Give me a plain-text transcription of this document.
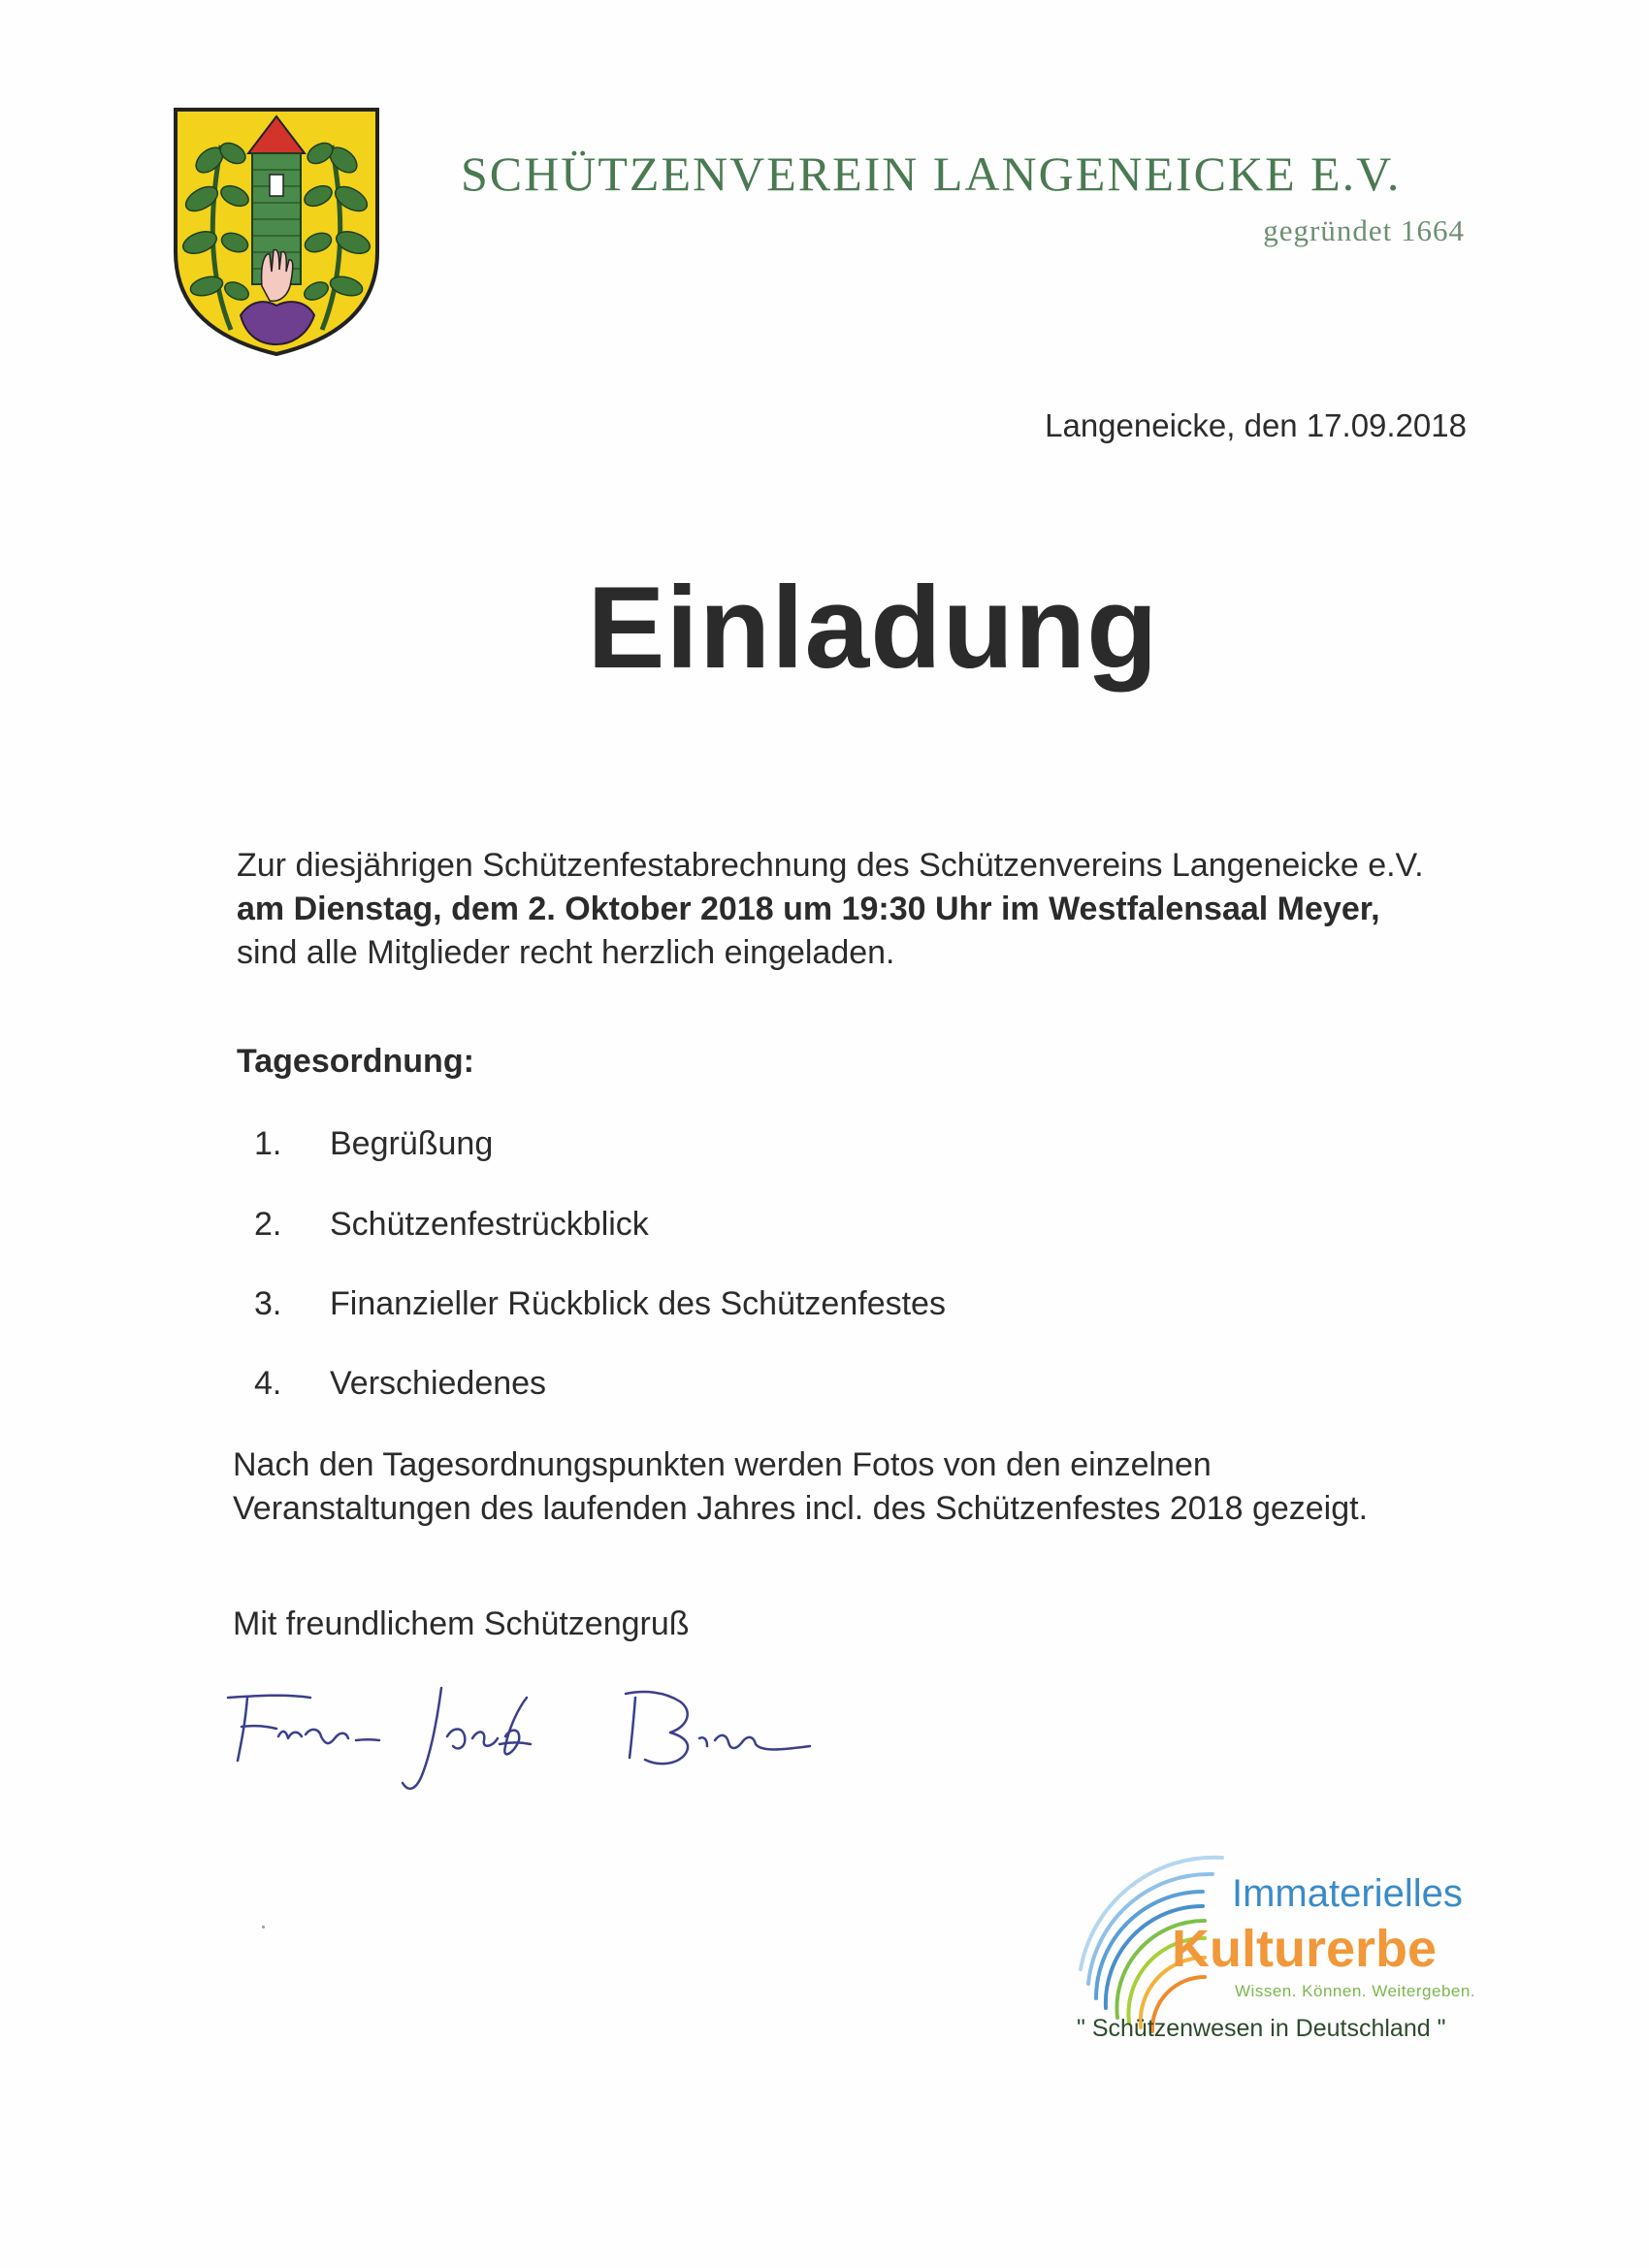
SCHÜTZENVEREIN LANGENEICKE E.V.
gegründet 1664
Langeneicke, den 17.09.2018
Einladung
Zur diesjährigen Schützenfestabrechnung des Schützenvereins Langeneicke e.V.
am Dienstag, dem 2. Oktober 2018 um 19:30 Uhr im Westfalensaal Meyer,
sind alle Mitglieder recht herzlich eingeladen.
Tagesordnung:
1. Begrüßung
2. Schützenfestrückblick
3. Finanzieller Rückblick des Schützenfestes
4. Verschiedenes
Nach den Tagesordnungspunkten werden Fotos von den einzelnen
Veranstaltungen des laufenden Jahres incl. des Schützenfestes 2018 gezeigt.
Mit freundlichem Schützengruß
Immaterielles
Kulturerbe
Wissen. Können. Weitergeben.
" Schützenwesen in Deutschland "
